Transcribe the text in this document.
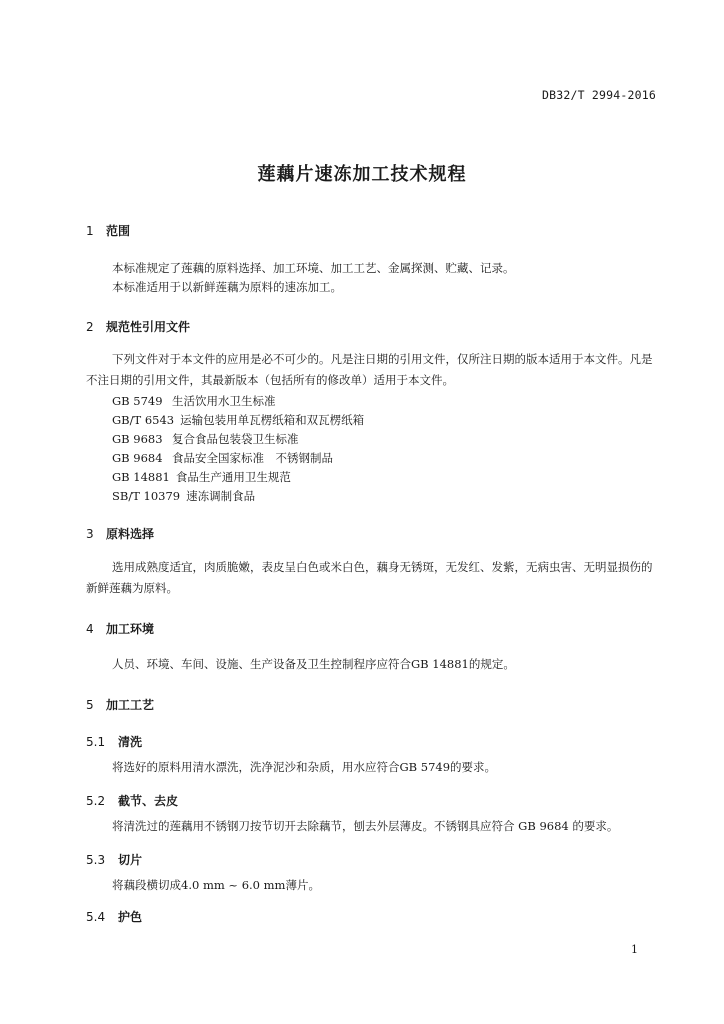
DB32/T 2994-2016
莲藕片速冻加工技术规程
1 范围
本标准规定了莲藕的原料选择、加工环境、加工工艺、金属探测、贮藏、记录。
本标准适用于以新鲜莲藕为原料的速冻加工。
2 规范性引用文件
下列文件对于本文件的应用是必不可少的。凡是注日期的引用文件，仅所注日期的版本适用于本文件。凡是不注日期的引用文件，其最新版本（包括所有的修改单）适用于本文件。
GB 5749 生活饮用水卫生标准
GB/T 6543 运输包装用单瓦楞纸箱和双瓦楞纸箱
GB 9683 复合食品包装袋卫生标准
GB 9684 食品安全国家标准　不锈钢制品
GB 14881 食品生产通用卫生规范
SB/T 10379 速冻调制食品
3 原料选择
选用成熟度适宜，肉质脆嫩，表皮呈白色或米白色，藕身无锈斑，无发红、发紫，无病虫害、无明显损伤的新鲜莲藕为原料。
4 加工环境
人员、环境、车间、设施、生产设备及卫生控制程序应符合GB 14881的规定。
5 加工工艺
5.1 清洗
将选好的原料用清水漂洗，洗净泥沙和杂质，用水应符合GB 5749的要求。
5.2 截节、去皮
将清洗过的莲藕用不锈钢刀按节切开去除藕节，刨去外层薄皮。不锈钢具应符合 GB 9684 的要求。
5.3 切片
将藕段横切成4.0 mm ~ 6.0 mm薄片。
5.4 护色
1
